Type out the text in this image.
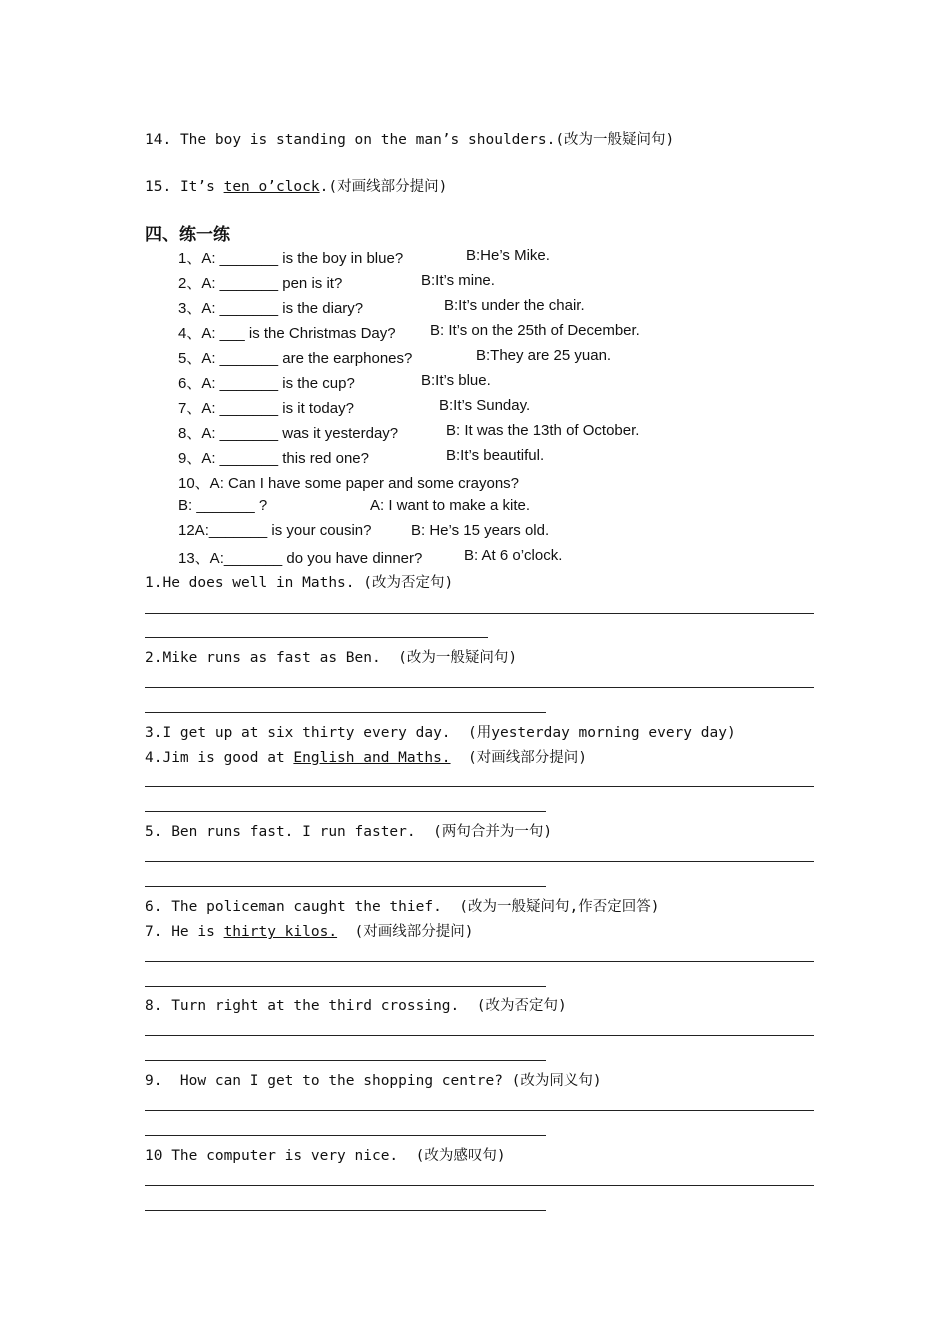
14. The boy is standing on the man’s shoulders.(改为一般疑问句)
15. It’s ten o’clock.(对画线部分提问)
四、练一练
1、A: _______ is the boy in blue?	B:He’s Mike.
2、A: _______ pen is it?	B:It’s mine.
3、A: _______ is the diary?	B:It’s under the chair.
4、A: ___ is the Christmas Day? B: It’s on the 25th of December.
5、A: _______ are the earphones?	B:They are 25 yuan.
6、A: _______ is the cup?	B:It’s blue.
7、A: _______ is it today?	B:It’s Sunday.
8、A: _______ was it yesterday?	B: It was the 13th of October.
9、A: _______ this red one?	B:It’s beautiful.
10、A: Can I have some paper and some crayons?
B: _______ ?	A: I want to make a kite.
12A:_______ is your cousin?	B: He’s 15 years old.
13、A:_______ do you have dinner?	B: At 6 o’clock.
1.He does well in Maths. (改为否定句)
2.Mike runs as fast as Ben.  (改为一般疑问句)
3.I get up at six thirty every day.  (用yesterday morning every day)
4.Jim is good at English and Maths.  (对画线部分提问)
5. Ben runs fast. I run faster.  (两句合并为一句)
6. The policeman caught the thief.  (改为一般疑问句,作否定回答)
7. He is thirty kilos.  (对画线部分提问)
8. Turn right at the third crossing.  (改为否定句)
9.  How can I get to the shopping centre? (改为同义句)
10 The computer is very nice.  (改为感叹句)
